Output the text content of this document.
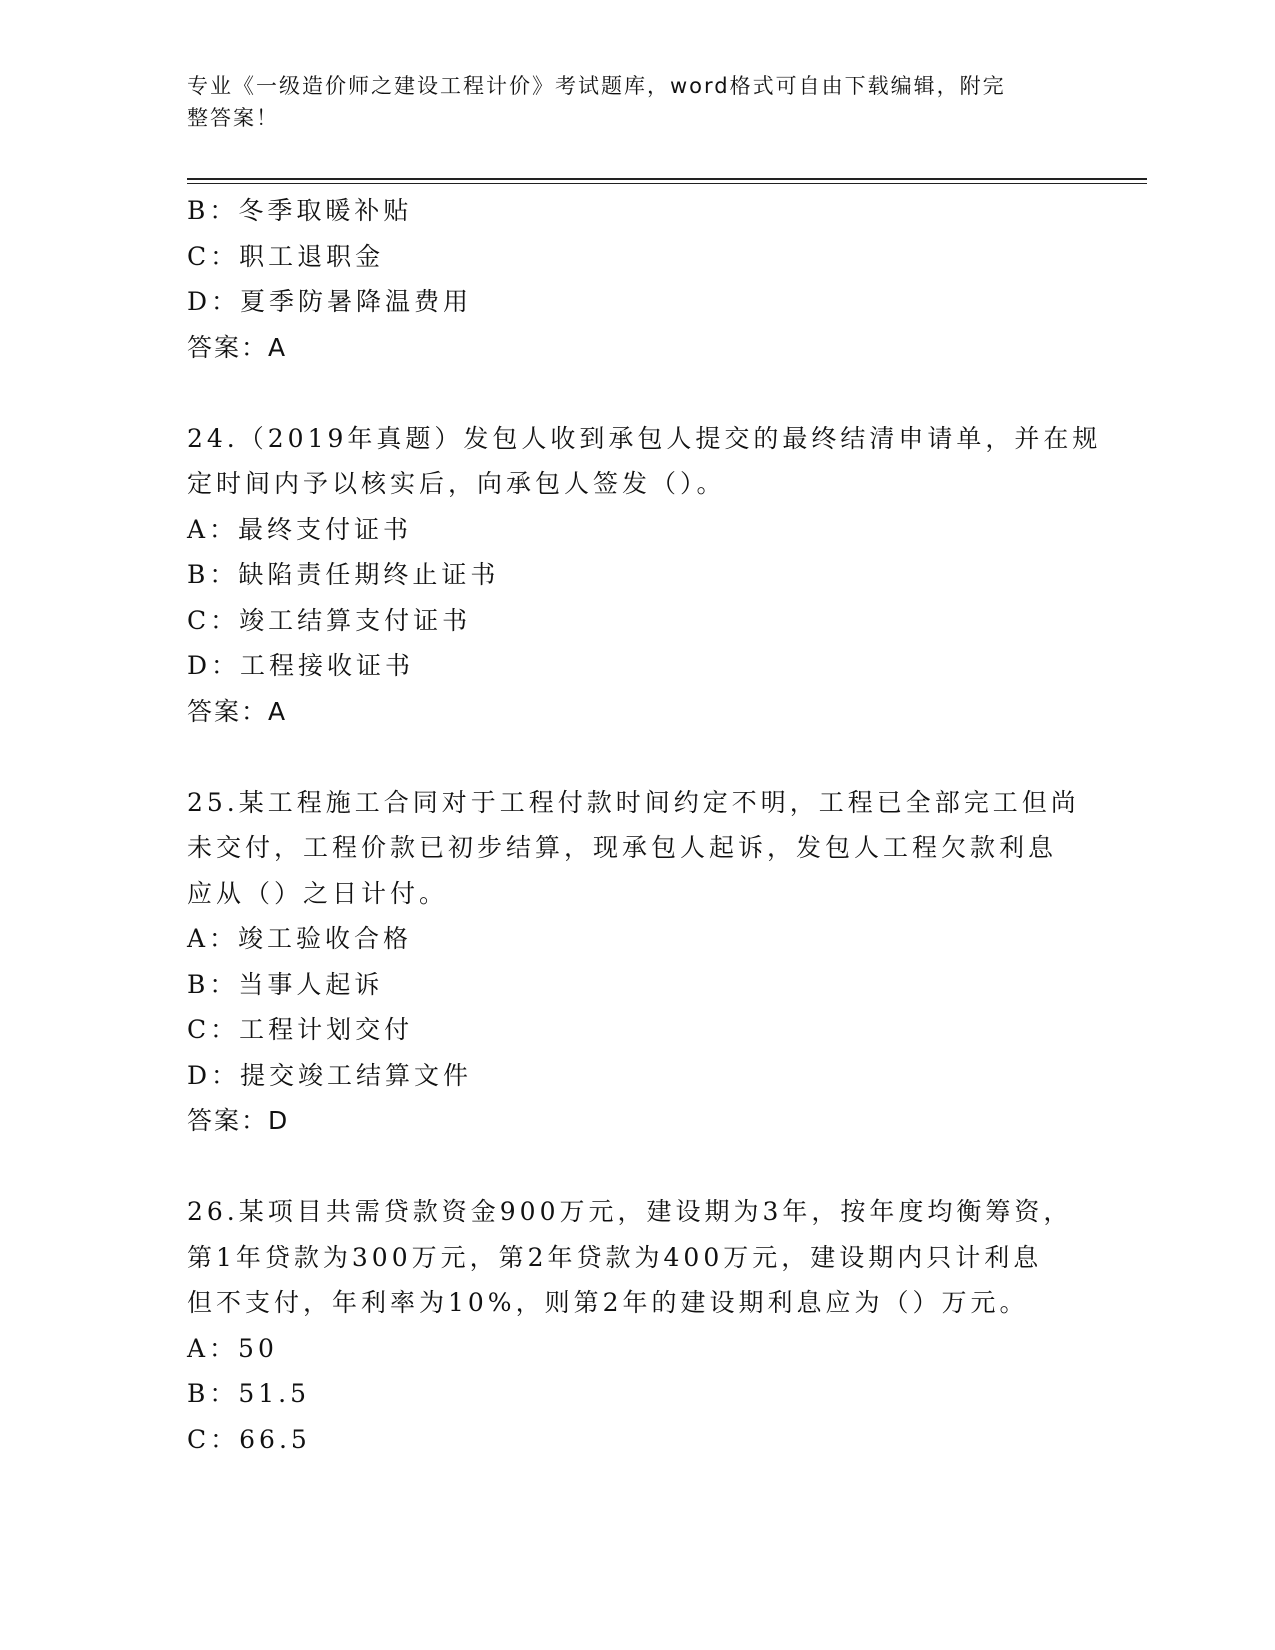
专业《一级造价师之建设工程计价》考试题库，word格式可自由下载编辑，附完
整答案！
B：冬季取暖补贴
C：职工退职金
D：夏季防暑降温费用
答案：A
24.（2019年真题）发包人收到承包人提交的最终结清申请单，并在规
定时间内予以核实后，向承包人签发（）。
A：最终支付证书
B：缺陷责任期终止证书
C：竣工结算支付证书
D：工程接收证书
答案：A
25.某工程施工合同对于工程付款时间约定不明，工程已全部完工但尚
未交付，工程价款已初步结算，现承包人起诉，发包人工程欠款利息
应从（）之日计付。
A：竣工验收合格
B：当事人起诉
C：工程计划交付
D：提交竣工结算文件
答案：D
26.某项目共需贷款资金900万元，建设期为3年，按年度均衡筹资，
第1年贷款为300万元，第2年贷款为400万元，建设期内只计利息
但不支付，年利率为10%，则第2年的建设期利息应为（）万元。
A：50
B：51.5
C：66.5
